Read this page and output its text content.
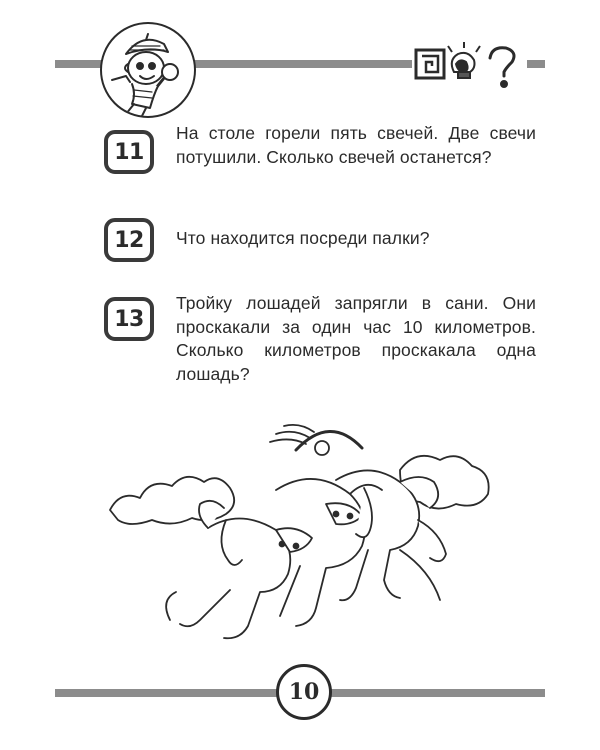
11
На столе горели пять свечей. Две свечи потушили. Сколько свечей останется?
12	Что находится посреди палки?
13
Тройку лошадей запрягли в сани. Они проскакали за один час 10 километров. Сколько километров проскакала одна лошадь?
10
